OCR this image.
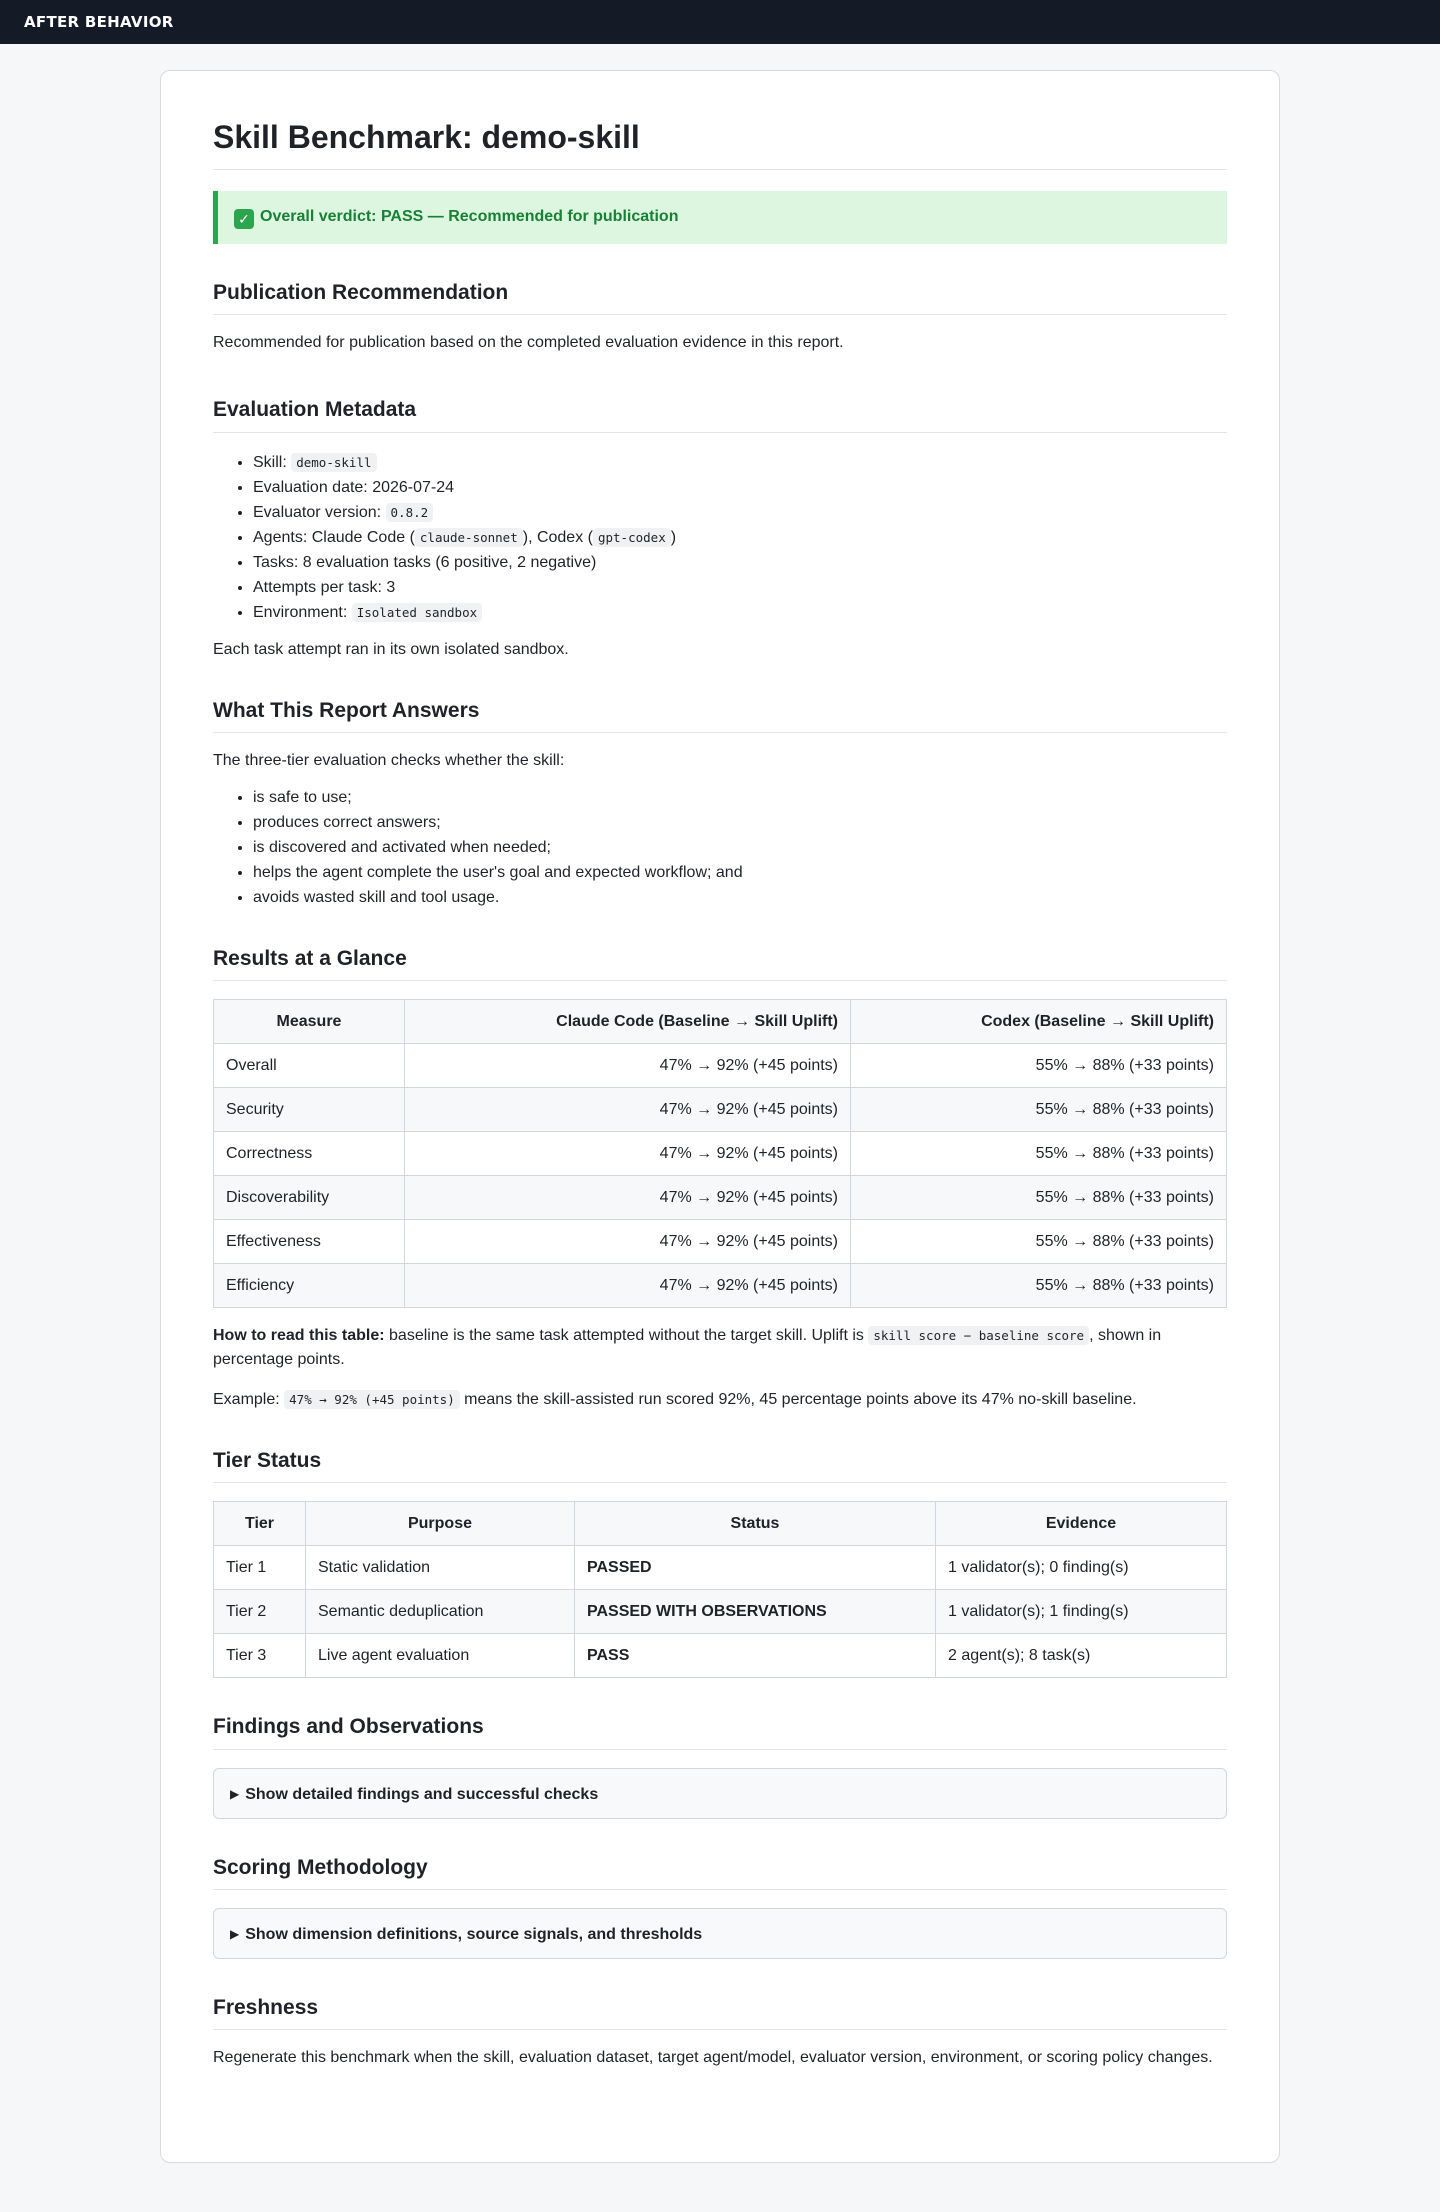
AFTER BEHAVIOR
Skill Benchmark: demo-skill
✓ Overall verdict: PASS — Recommended for publication
Publication Recommendation

Recommended for publication based on the completed evaluation evidence in this report.

Evaluation Metadata
• Skill: demo-skill
• Evaluation date: 2026-07-24
• Evaluator version: 0.8.2
• Agents: Claude Code ( claude-sonnet ), Codex ( gpt-codex )
• Tasks: 8 evaluation tasks (6 positive, 2 negative)
• Attempts per task: 3
• Environment: Isolated sandbox

Each task attempt ran in its own isolated sandbox.

What This Report Answers

The three-tier evaluation checks whether the skill:

• is safe to use;
• produces correct answers;
• is discovered and activated when needed;
• helps the agent complete the user's goal and expected workflow; and
• avoids wasted skill and tool usage.
Results at a Glance
Measure	Claude Code (Baseline → Skill Uplift)	Codex (Baseline → Skill Uplift)
Overall	47% → 92% (+45 points)	55% → 88% (+33 points)
Security	47% → 92% (+45 points)	55% → 88% (+33 points)
Correctness	47% → 92% (+45 points)	55% → 88% (+33 points)
Discoverability	47% → 92% (+45 points)	55% → 88% (+33 points)
Effectiveness	47% → 92% (+45 points)	55% → 88% (+33 points)
Efficiency	47% → 92% (+45 points)	55% → 88% (+33 points)

How to read this table: baseline is the same task attempted without the target skill. Uplift is skill score − baseline score , shown in percentage points.

Example: 47% → 92% (+45 points) means the skill-assisted run scored 92%, 45 percentage points above its 47% no-skill baseline.

Tier Status
Tier	Purpose	Status	Evidence
Tier 1	Static validation	PASSED	1 validator(s); 0 finding(s)
Tier 2	Semantic deduplication	PASSED WITH OBSERVATIONS	1 validator(s); 1 finding(s)
Tier 3	Live agent evaluation	PASS	2 agent(s); 8 task(s)
Findings and Observations
▶ Show detailed findings and successful checks
Scoring Methodology
▶ Show dimension definitions, source signals, and thresholds
Freshness

Regenerate this benchmark when the skill, evaluation dataset, target agent/model, evaluator version, environment, or scoring policy changes.
